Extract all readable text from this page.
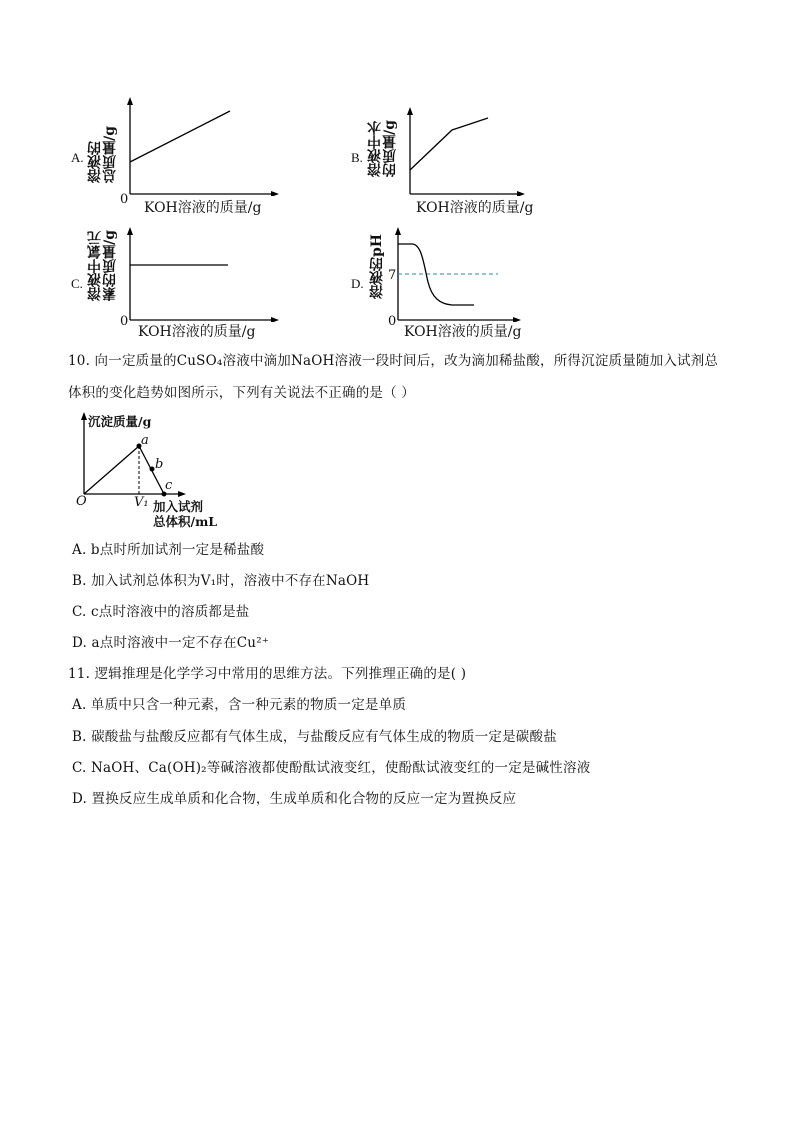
A. 溶液的
总质量/g
0
KOH溶液的质量/g
B. 溶液中水
的质量/g
KOH溶液的质量/g
C. 溶液中氯元
素的质量/g
0
KOH溶液的质量/g
D. 溶液的pH 7
0
KOH溶液的质量/g
10. 向一定质量的CuSO₄溶液中滴加NaOH溶液一段时间后，改为滴加稀盐酸，所得沉淀质量随加入试剂总
体积的变化趋势如图所示，下列有关说法不正确的是（ ）
沉淀质量/g
a
b
c
O	V₁ 加入试剂
总体积/mL
A. b点时所加试剂一定是稀盐酸
B. 加入试剂总体积为V₁时，溶液中不存在NaOH
C. c点时溶液中的溶质都是盐
D. a点时溶液中一定不存在Cu²⁺
11. 逻辑推理是化学学习中常用的思维方法。下列推理正确的是( )
A. 单质中只含一种元素，含一种元素的物质一定是单质
B. 碳酸盐与盐酸反应都有气体生成，与盐酸反应有气体生成的物质一定是碳酸盐
C. NaOH、Ca(OH)₂等碱溶液都使酚酞试液变红，使酚酞试液变红的一定是碱性溶液
D. 置换反应生成单质和化合物，生成单质和化合物的反应一定为置换反应
